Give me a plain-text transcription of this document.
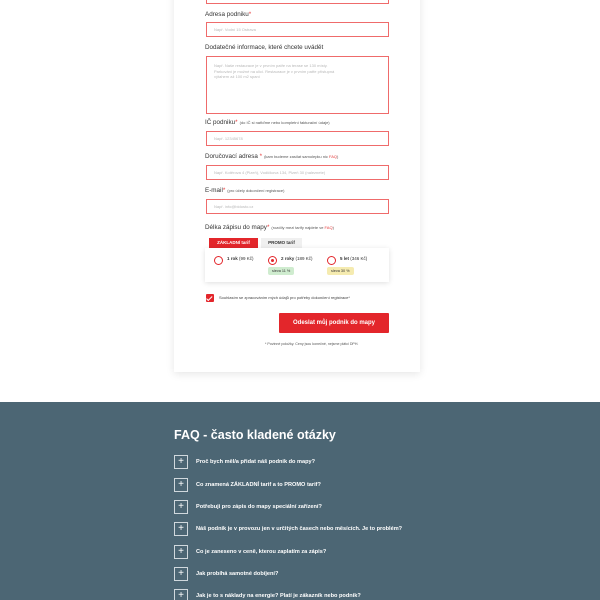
Adresa podniku*
Např. Vodní 15 Ostrava
Dodatečné informace, které chcete uvádět
Např. Naše restaurace je v prvním patře na terase se 130 místy. Parkování je možné na ulici. Restaurace je v prvním patře přístupná výtahem až 100 m2 spaní
IČ podniku* (do IČ si nařiďme nebo kompletní fakturační údaje)
Např. 12345678
Doručovací adresa * (kam budeme zasílat samolepku nic FAQ)
Např. Kotěrova 4 (Plzeň), Vodičkova 134, Plzeň 30 (naleznete)
E-mail* (pro účely dokončení registrace)
Např. info@bidosto.cz
Délka zápisu do mapy* (rozdíly mezi tarify najdete ve FAQ)
ZÁKLADNÍ tarif	PROMO tarif
1 rok (99 Kč)	2 roky (189 Kč)
sleva 11 %
5 let (346 Kč)
sleva 30 %
Souhlasím se zpracováním mých údajů pro potřeby dokončení registrace*
Odeslat můj podnik do mapy
* Povinné položky. Ceny jsou konečné, nejsme plátci DPH.
FAQ - často kladené otázky
+	Proč bych měl/a přidat náš podnik do mapy?
+	Co znamená ZÁKLADNÍ tarif a to PROMO tarif?
+	Potřebuji pro zápis do mapy speciální zařízení?
+	Náš podnik je v provozu jen v určitých časech nebo měsících. Je to problém?
+	Co je zaneseno v ceně, kterou zaplatím za zápis?
+	Jak probíhá samotné dobíjení?
+	Jak je to s náklady na energie? Platí je zákazník nebo podnik?
